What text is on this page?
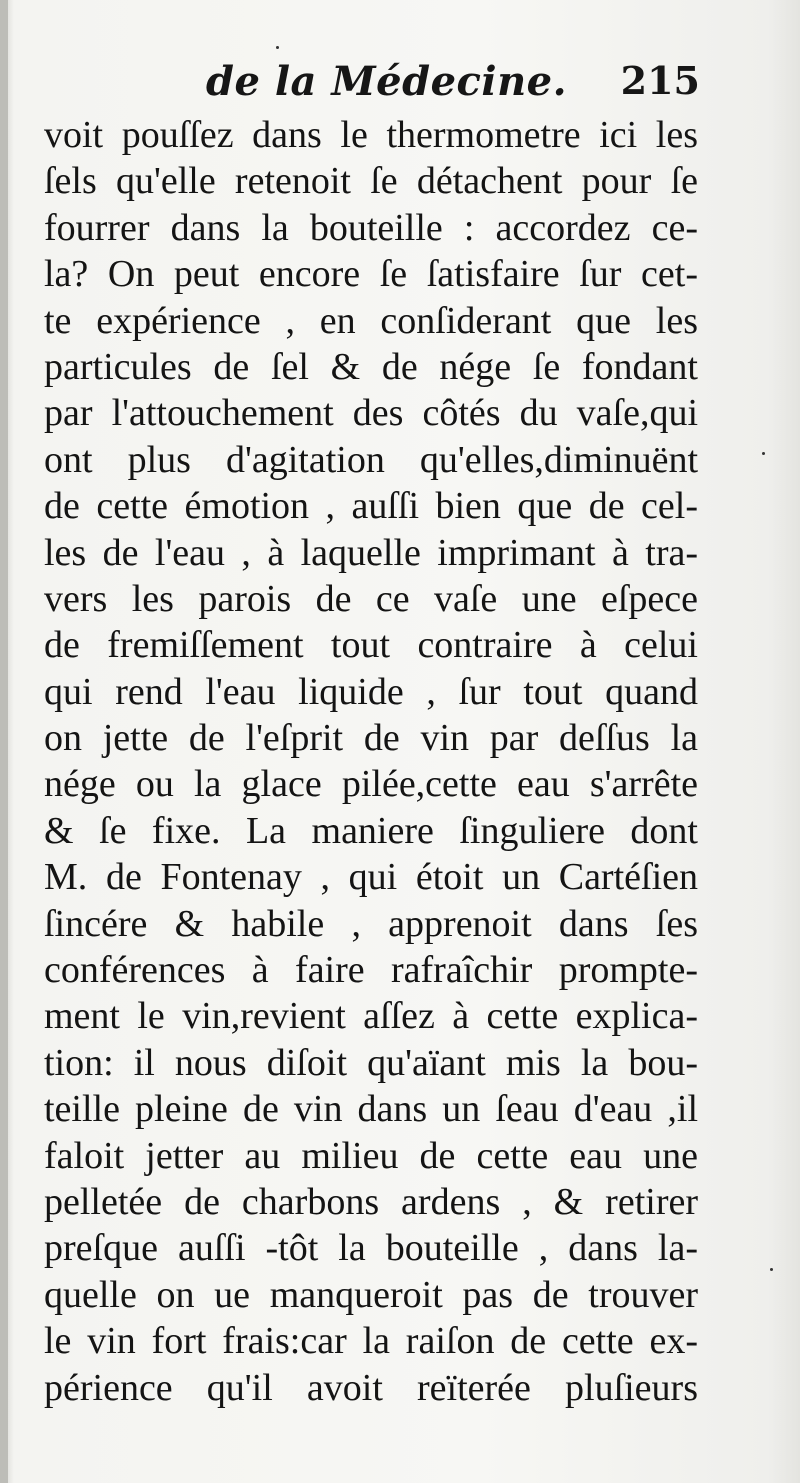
de la Médecine. 215
voit pouſſez dans le thermometre ici les
ſels qu'elle retenoit ſe détachent pour ſe
fourrer dans la bouteille : accordez ce-
la? On peut encore ſe ſatisfaire ſur cet-
te expérience , en conſiderant que les
particules de ſel & de nége ſe fondant
par l'attouchement des côtés du vaſe,qui
ont plus d'agitation qu'elles,diminuënt
de cette émotion , auſſi bien que de cel-
les de l'eau , à laquelle imprimant à tra-
vers les parois de ce vaſe une eſpece
de fremiſſement tout contraire à celui
qui rend l'eau liquide , ſur tout quand
on jette de l'eſprit de vin par deſſus la
nége ou la glace pilée,cette eau s'arrête
& ſe fixe. La maniere ſinguliere dont
M. de Fontenay , qui étoit un Cartéſien
ſincére & habile , apprenoit dans ſes
conférences à faire rafraîchir prompte-
ment le vin,revient aſſez à cette explica-
tion: il nous diſoit qu'aïant mis la bou-
teille pleine de vin dans un ſeau d'eau ,il
faloit jetter au milieu de cette eau une
pelletée de charbons ardens , & retirer
preſque auſſi -tôt la bouteille , dans la-
quelle on ue manqueroit pas de trouver
le vin fort frais:car la raiſon de cette ex-
périence qu'il avoit reïterée pluſieurs
